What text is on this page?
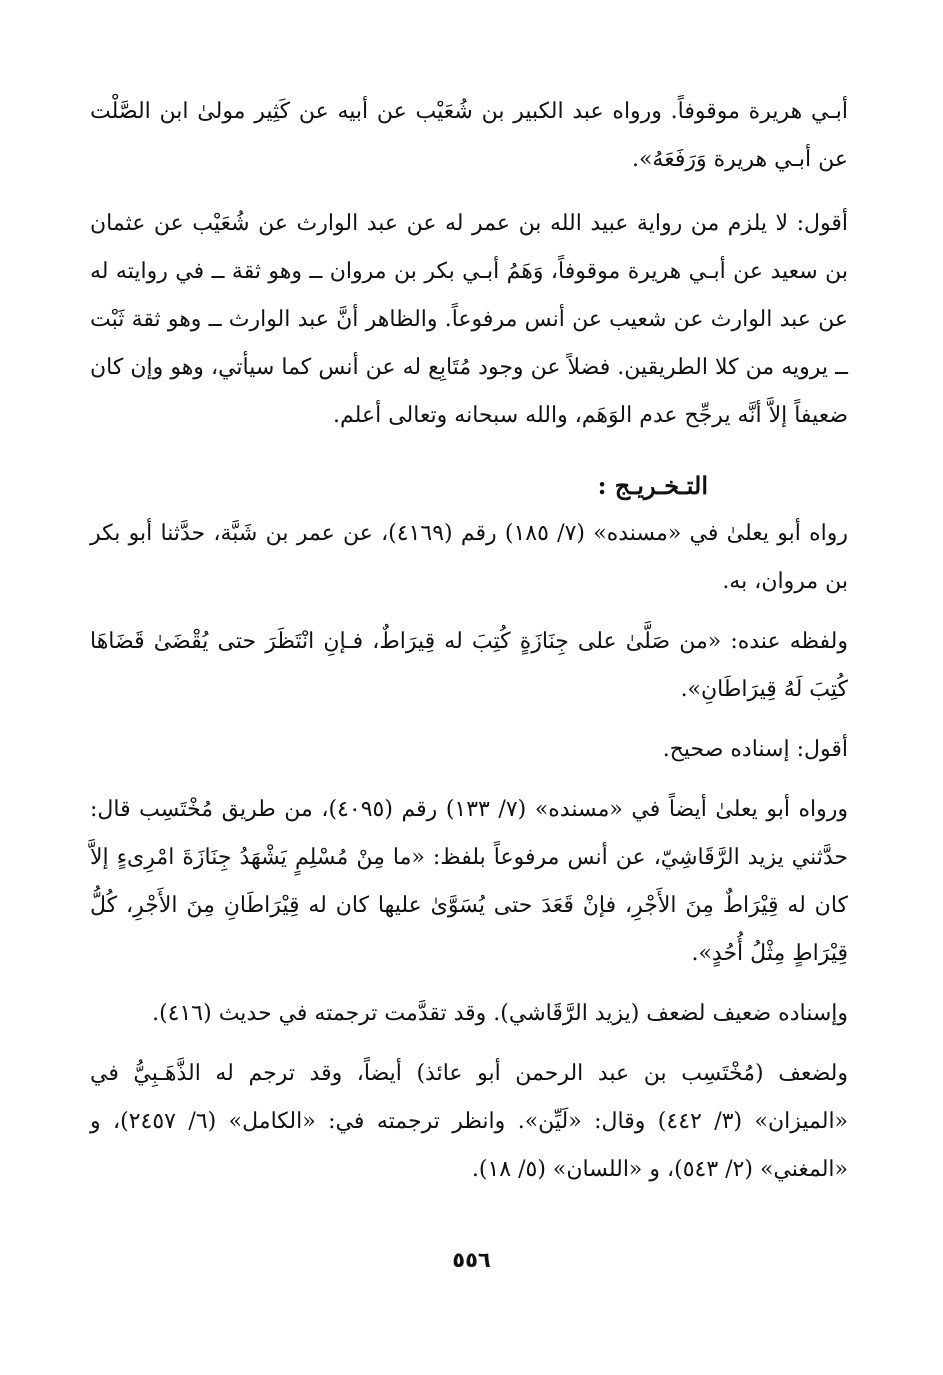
أبـي هريرة موقوفاً. ورواه عبد الكبير بن شُعَيْب عن أبيه عن كَثِير مولىٰ ابن الصَّلْت عن أبـي هريرة وَرَفَعَهُ».

أقول: لا يلزم من رواية عبيد الله بن عمر له عن عبد الوارث عن شُعَيْب عن عثمان بن سعيد عن أبـي هريرة موقوفاً، وَهَمُ أبـي بكر بن مروان ــ وهو ثقة ــ في روايته له عن عبد الوارث عن شعيب عن أنس مرفوعاً. والظاهر أنَّ عبد الوارث ــ وهو ثقة ثَبْت ــ يرويه من كلا الطريقين. فضلاً عن وجود مُتَابِع له عن أنس كما سيأتي، وهو وإن كان ضعيفاً إلاَّ أنَّه يرجِّح عدم الوَهَم، والله سبحانه وتعالى أعلم.

التـخـريـج :

رواه أبو يعلىٰ في «مسنده» (٧/ ١٨٥) رقم (٤١٦٩)، عن عمر بن شَبَّة، حدَّثنا أبو بكر بن مروان، به.

ولفظه عنده: «من صَلَّىٰ على جِنَازَةٍ كُتِبَ له قِيرَاطٌ، فـإنِ انْتَظَرَ حتى يُقْضَىٰ قَضَاهَا كُتِبَ لَهُ قِيرَاطَانِ».

أقول: إسناده صحيح.

ورواه أبو يعلىٰ أيضاً في «مسنده» (٧/ ١٣٣) رقم (٤٠٩٥)، من طريق مُخْتَسِب قال: حدَّثني يزيد الرَّقَاشِيّ، عن أنس مرفوعاً بلفظ: «ما مِنْ مُسْلِمٍ يَشْهَدُ جِنَازَةَ امْرِىءٍ إلاَّ كان له قِيْرَاطٌ مِنَ الأَجْرِ، فإنْ قَعَدَ حتى يُسَوَّىٰ عليها كان له قِيْرَاطَانِ مِنَ الأَجْرِ، كُلُّ قِيْرَاطٍ مِثْلُ أُحُدٍ».

وإسناده ضعيف لضعف (يزيد الرَّقَاشي). وقد تقدَّمت ترجمته في حديث (٤١٦).

ولضعف (مُخْتَسِب بن عبد الرحمن أبو عائذ) أيضاً، وقد ترجم له الذَّهَـبِيُّ في «الميزان» (٣/ ٤٤٢) وقال: «لَيِّن». وانظر ترجمته في: «الكامل» (٦/ ٢٤٥٧)، و «المغني» (٢/ ٥٤٣)، و «اللسان» (٥/ ١٨).

٥٥٦
